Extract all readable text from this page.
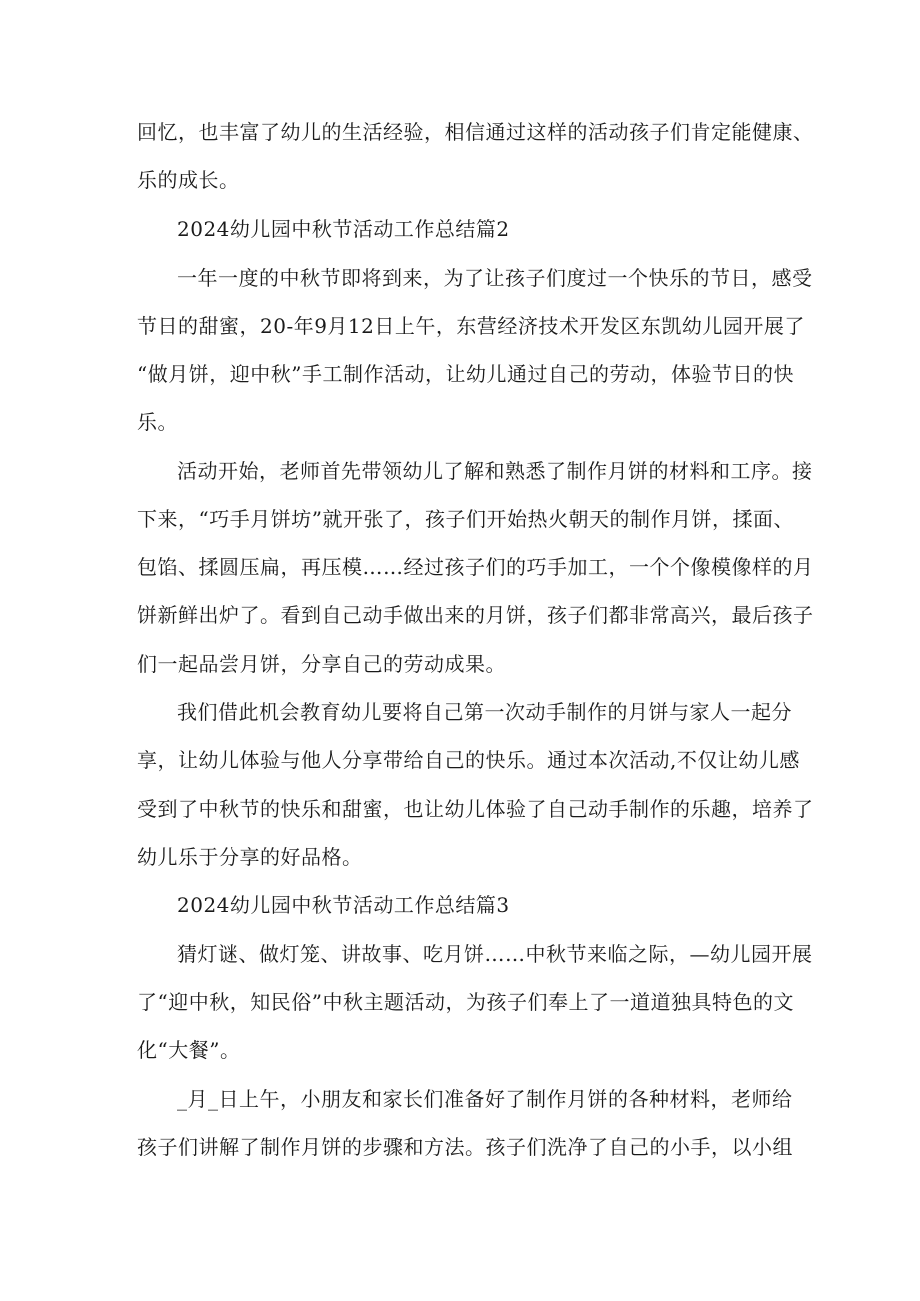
回忆，也丰富了幼儿的生活经验，相信通过这样的活动孩子们肯定能健康、
乐的成长。
2024幼儿园中秋节活动工作总结篇2
一年一度的中秋节即将到来，为了让孩子们度过一个快乐的节日，感受
节日的甜蜜，20-年9月12日上午，东营经济技术开发区东凯幼儿园开展了
“做月饼，迎中秋”手工制作活动，让幼儿通过自己的劳动，体验节日的快
乐。
活动开始，老师首先带领幼儿了解和熟悉了制作月饼的材料和工序。接
下来，“巧手月饼坊”就开张了，孩子们开始热火朝天的制作月饼，揉面、
包馅、揉圆压扁，再压模……经过孩子们的巧手加工，一个个像模像样的月
饼新鲜出炉了。看到自己动手做出来的月饼，孩子们都非常高兴，最后孩子
们一起品尝月饼，分享自己的劳动成果。
我们借此机会教育幼儿要将自己第一次动手制作的月饼与家人一起分
享，让幼儿体验与他人分享带给自己的快乐。通过本次活动,不仅让幼儿感
受到了中秋节的快乐和甜蜜，也让幼儿体验了自己动手制作的乐趣，培养了
幼儿乐于分享的好品格。
2024幼儿园中秋节活动工作总结篇3
猜灯谜、做灯笼、讲故事、吃月饼……中秋节来临之际，—幼儿园开展
了“迎中秋，知民俗”中秋主题活动，为孩子们奉上了一道道独具特色的文
化“大餐”。
_月_日上午，小朋友和家长们准备好了制作月饼的各种材料，老师给
孩子们讲解了制作月饼的步骤和方法。孩子们洗净了自己的小手，以小组
